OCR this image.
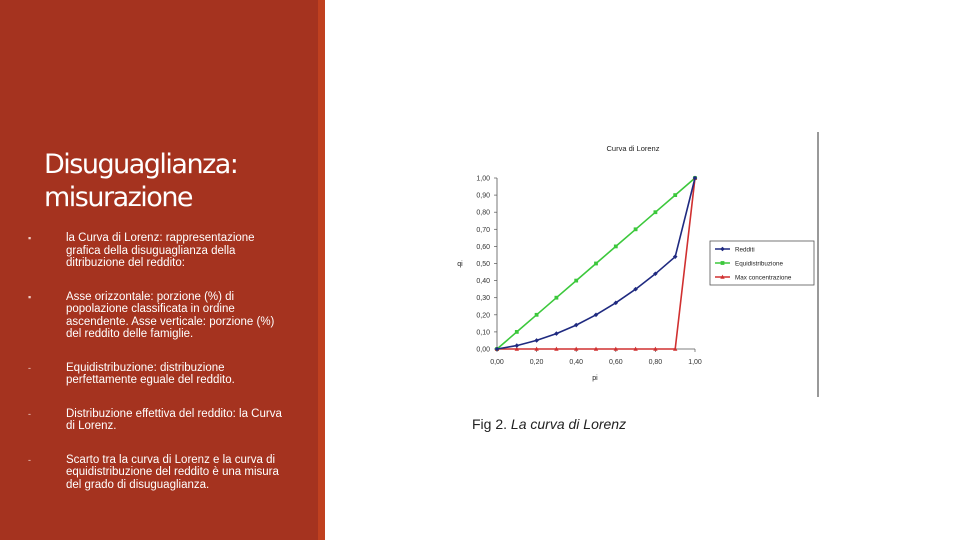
Disuguaglianza:
misurazione
▪	la Curva di Lorenz: rappresentazione grafica della disuguaglianza della ditribuzione del reddito:
▪	Asse orizzontale: porzione (%) di popolazione classificata in ordine ascendente. Asse verticale: porzione (%) del reddito delle famiglie.
-	Equidistribuzione: distribuzione perfettamente eguale del reddito.
-	Distribuzione effettiva del reddito: la Curva di Lorenz.
-	Scarto tra la curva di Lorenz e la curva di equidistribuzione del reddito è una misura del grado di disuguaglianza.
Curva di Lorenz
qi
pi
0,00
0,10
0,20
0,30
0,40
0,50
0,60
0,70
0,80
0,90
1,00
0,00	0,20	0,40	0,60	0,80	1,00
Redditi
Equidistribuzione
Max concentrazione
Fig 2. La curva di Lorenz
